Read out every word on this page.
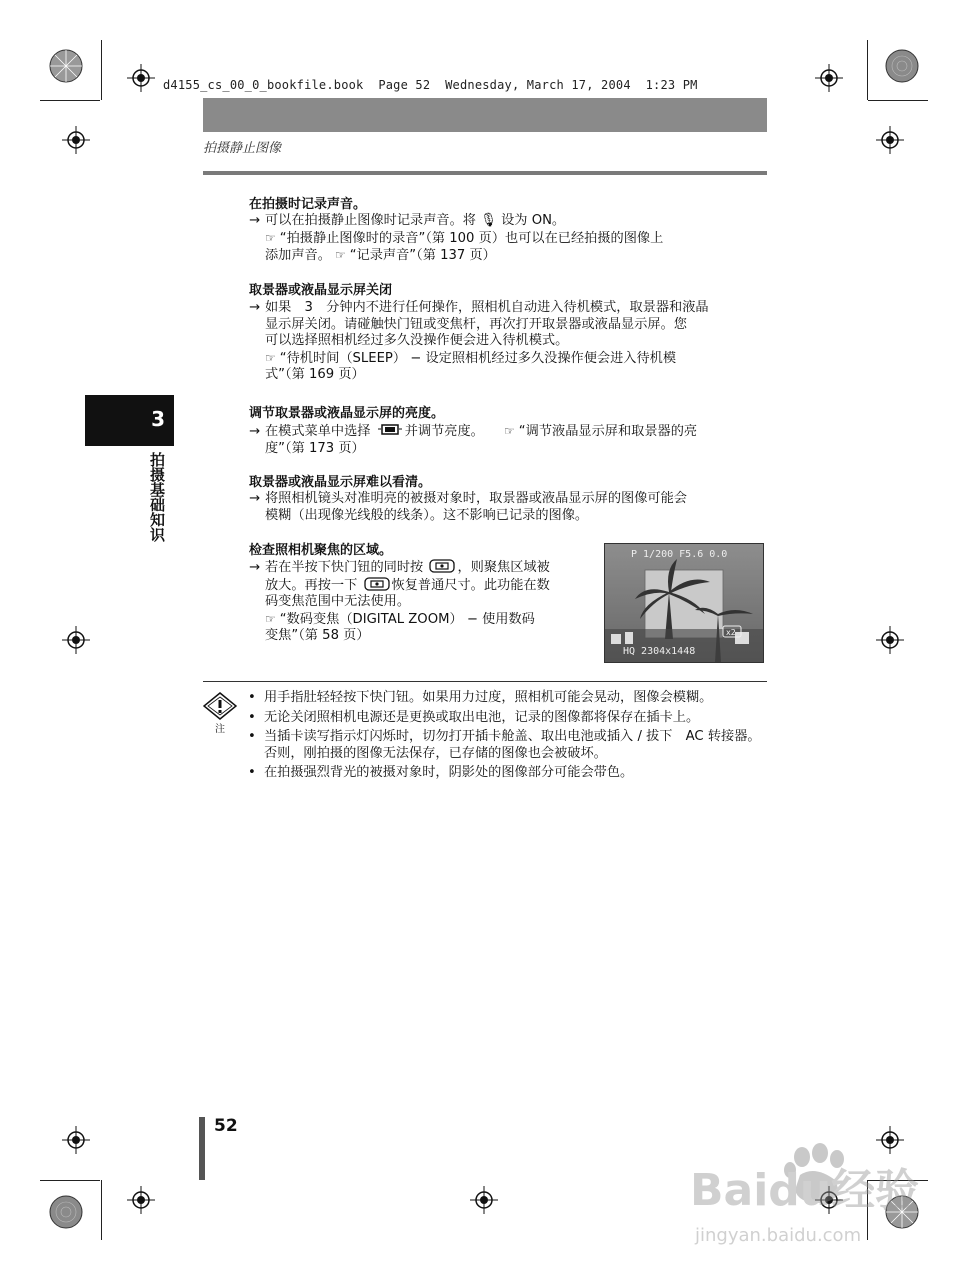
d4155_cs_00_0_bookfile.book  Page 52  Wednesday, March 17, 2004  1:23 PM
拍摄静止图像
3
拍摄基础知识
在拍摄时记录声音。
→ 可以在拍摄静止图像时记录声音。将 🎙 设为 ON。
☞ “拍摄静止图像时的录音”（第 100 页）也可以在已经拍摄的图像上
添加声音。 ☞ “记录声音”（第 137 页）
取景器或液晶显示屏关闭
→ 如果　3　分钟内不进行任何操作，照相机自动进入待机模式，取景器和液晶
显示屏关闭。请碰触快门钮或变焦杆，再次打开取景器或液晶显示屏。您
可以选择照相机经过多久没操作便会进入待机模式。
☞ “待机时间（SLEEP） − 设定照相机经过多久没操作便会进入待机模
式”（第 169 页）
调节取景器或液晶显示屏的亮度。
→ 在模式菜单中选择	并调节亮度。 ☞ “调节液晶显示屏和取景器的亮
度”（第 173 页）
取景器或液晶显示屏难以看清。
→ 将照相机镜头对准明亮的被摄对象时，取景器或液晶显示屏的图像可能会
模糊（出现像光线般的线条）。这不影响已记录的图像。
检查照相机聚焦的区域。
→ 若在半按下快门钮的同时按	，则聚焦区域被
放大。再按一下	恢复普通尺寸。此功能在数
码变焦范围中无法使用。
☞ “数码变焦（DIGITAL ZOOM） − 使用数码
变焦”（第 58 页）
P 1/200 F5.6 0.0
HQ 2304x1448
x2
注
• 用手指肚轻轻按下快门钮。如果用力过度，照相机可能会晃动，图像会模糊。
• 无论关闭照相机电源还是更换或取出电池，记录的图像都将保存在插卡上。
• 当插卡读写指示灯闪烁时，切勿打开插卡舱盖、取出电池或插入 / 拔下　AC 转接器。否则，刚拍摄的图像无法保存，已存储的图像也会被破坏。
• 在拍摄强烈背光的被摄对象时，阴影处的图像部分可能会带色。
52
Baidu经验
jingyan.baidu.com
